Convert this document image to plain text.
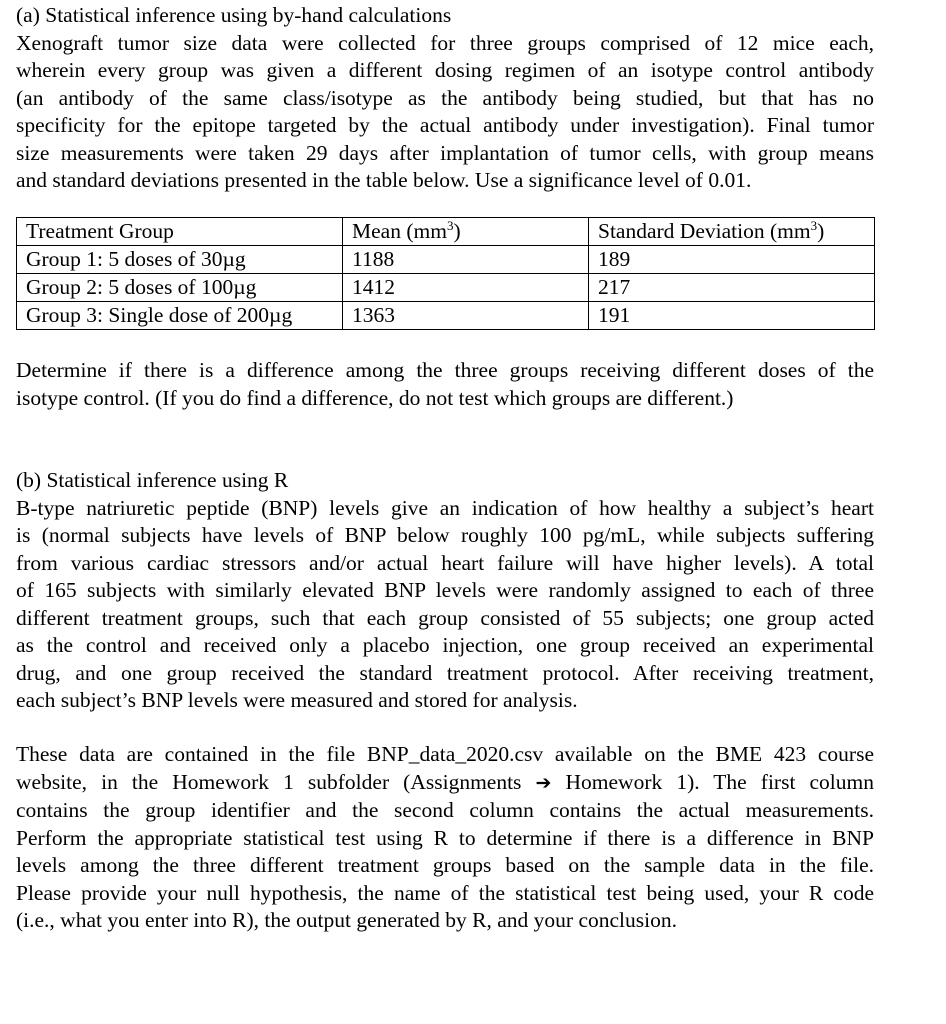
(a) Statistical inference using by-hand calculations
Xenograft tumor size data were collected for three groups comprised of 12 mice each,
wherein every group was given a different dosing regimen of an isotype control antibody
(an antibody of the same class/isotype as the antibody being studied, but that has no
specificity for the epitope targeted by the actual antibody under investigation). Final tumor
size measurements were taken 29 days after implantation of tumor cells, with group means
and standard deviations presented in the table below. Use a significance level of 0.01.
Treatment Group	Mean $(mm^3)$	Standard Deviation $(mm^3)$
Group 1: 5 doses of 30µg	1188	189
Group 2: 5 doses of 100µg	1412	217
Group 3: Single dose of 200µg	1363	191
Determine if there is a difference among the three groups receiving different doses of the
isotype control. (If you do find a difference, do not test which groups are different.)
(b) Statistical inference using R
B-type natriuretic peptide (BNP) levels give an indication of how healthy a subject’s heart
is (normal subjects have levels of BNP below roughly 100 pg/mL, while subjects suffering
from various cardiac stressors and/or actual heart failure will have higher levels). A total
of 165 subjects with similarly elevated BNP levels were randomly assigned to each of three
different treatment groups, such that each group consisted of 55 subjects; one group acted
as the control and received only a placebo injection, one group received an experimental
drug, and one group received the standard treatment protocol. After receiving treatment,
each subject’s BNP levels were measured and stored for analysis.
These data are contained in the file BNP_data_2020.csv available on the BME 423 course
website, in the Homework 1 subfolder (Assignments ➔ Homework 1). The first column
contains the group identifier and the second column contains the actual measurements.
Perform the appropriate statistical test using R to determine if there is a difference in BNP
levels among the three different treatment groups based on the sample data in the file.
Please provide your null hypothesis, the name of the statistical test being used, your R code
(i.e., what you enter into R), the output generated by R, and your conclusion.
